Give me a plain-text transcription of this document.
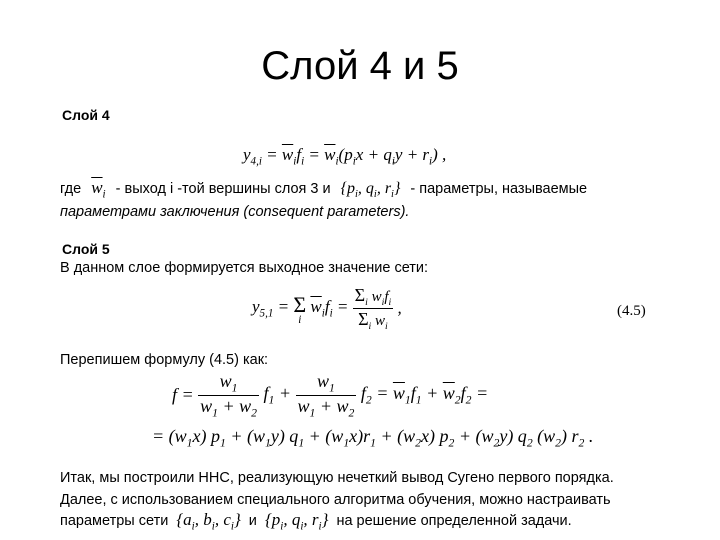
Слой 4 и 5
Слой 4
$y_{4,i} = \overline{w}_if_i = \overline{w}_i(p_ix + q_iy + r_i)$ ,
где $\overline{w}_i$ - выход i -той вершины слоя 3 и {$p_i$, $q_i$, $r_i$} - параметры, называемые
параметрами заключения (consequent parameters).
Слой 5
В данном слое формируется выходное значение сети:
$y_{5,1} = \Sigma$
i
$\overline{w}_if_i = \frac{\Sigma_i w_if_i}{\Sigma_i w_i}$ ,	(4.5)
Перепишем формулу (4.5) как:
$f = \frac{w_1}{w_1 + w_2} f_1 + \frac{w_1}{w_1 + w_2} f_2 = \overline{w}_1f_1 + \overline{w}_2f_2$ =
= $(w_1x) p_1 + (w_1y) q_1 + (w_1x)r_1 + (w_2x) p_2 + (w_2y)$ $q_2$ $(w_2)$ $r_2$ .
Итак, мы построили ННС, реализующую нечеткий вывод Сугено первого порядка.
Далее, с использованием специального алгоритма обучения, можно настраивать
параметры сети {$a_i$, $b_i$, $c_i$} и {$p_i$, $q_i$, $r_i$} на решение определенной задачи.
